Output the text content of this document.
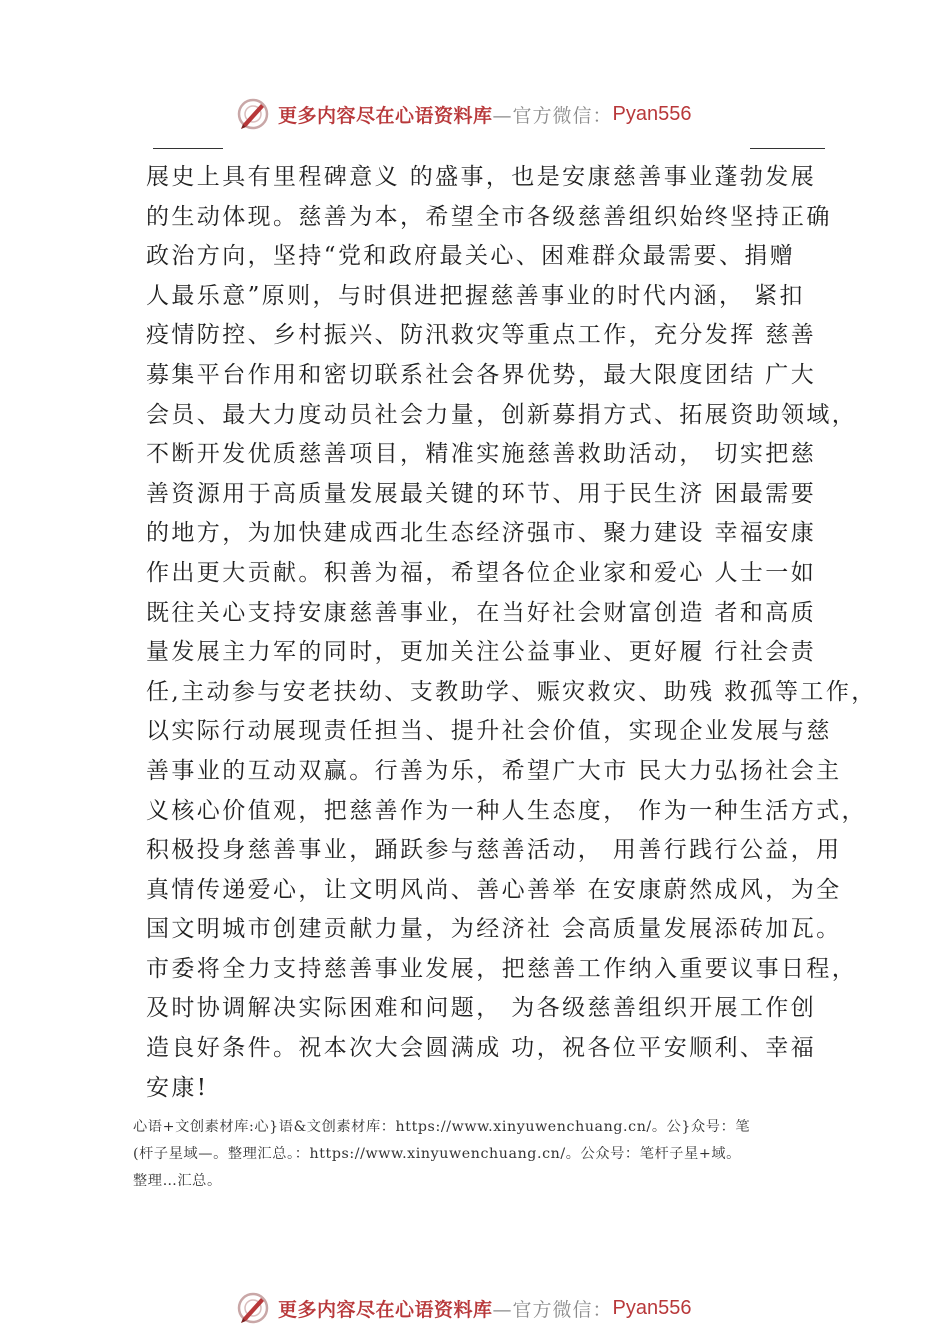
更多内容尽在心语资料库 —官方微信： Pyan556
展史上具有里程碑意义 的盛事，也是安康慈善事业蓬勃发展
的生动体现。慈善为本，希望全市各级慈善组织始终坚持正确
政治方向，坚持“党和政府最关心、困难群众最需要、捐赠
人最乐意”原则，与时俱进把握慈善事业的时代内涵， 紧扣
疫情防控、乡村振兴、防汛救灾等重点工作，充分发挥 慈善
募集平台作用和密切联系社会各界优势，最大限度团结 广大
会员、最大力度动员社会力量，创新募捐方式、拓展资助领域，
不断开发优质慈善项目，精准实施慈善救助活动， 切实把慈
善资源用于高质量发展最关键的环节、用于民生济 困最需要
的地方，为加快建成西北生态经济强市、聚力建设 幸福安康
作出更大贡献。积善为福，希望各位企业家和爱心 人士一如
既往关心支持安康慈善事业，在当好社会财富创造 者和高质
量发展主力军的同时，更加关注公益事业、更好履 行社会责
任,主动参与安老扶幼、支教助学、赈灾救灾、助残 救孤等工作，
以实际行动展现责任担当、提升社会价值，实现企业发展与慈
善事业的互动双赢。行善为乐，希望广大市 民大力弘扬社会主
义核心价值观，把慈善作为一种人生态度， 作为一种生活方式，
积极投身慈善事业，踊跃参与慈善活动， 用善行践行公益，用
真情传递爱心，让文明风尚、善心善举 在安康蔚然成风，为全
国文明城市创建贡献力量，为经济社 会高质量发展添砖加瓦。
市委将全力支持慈善事业发展，把慈善工作纳入重要议事日程，
及时协调解决实际困难和问题， 为各级慈善组织开展工作创
造良好条件。祝本次大会圆满成 功，祝各位平安顺利、幸福
安康!
心语+文创素材库:心}语&文创素材库：https://www.xinyuwenchuang.cn/。公}众号：笔
(杆子星域—。整理汇总。：https://www.xinyuwenchuang.cn/。公众号：笔杆子星+域。
整理…汇总。
更多内容尽在心语资料库 —官方微信： Pyan556
